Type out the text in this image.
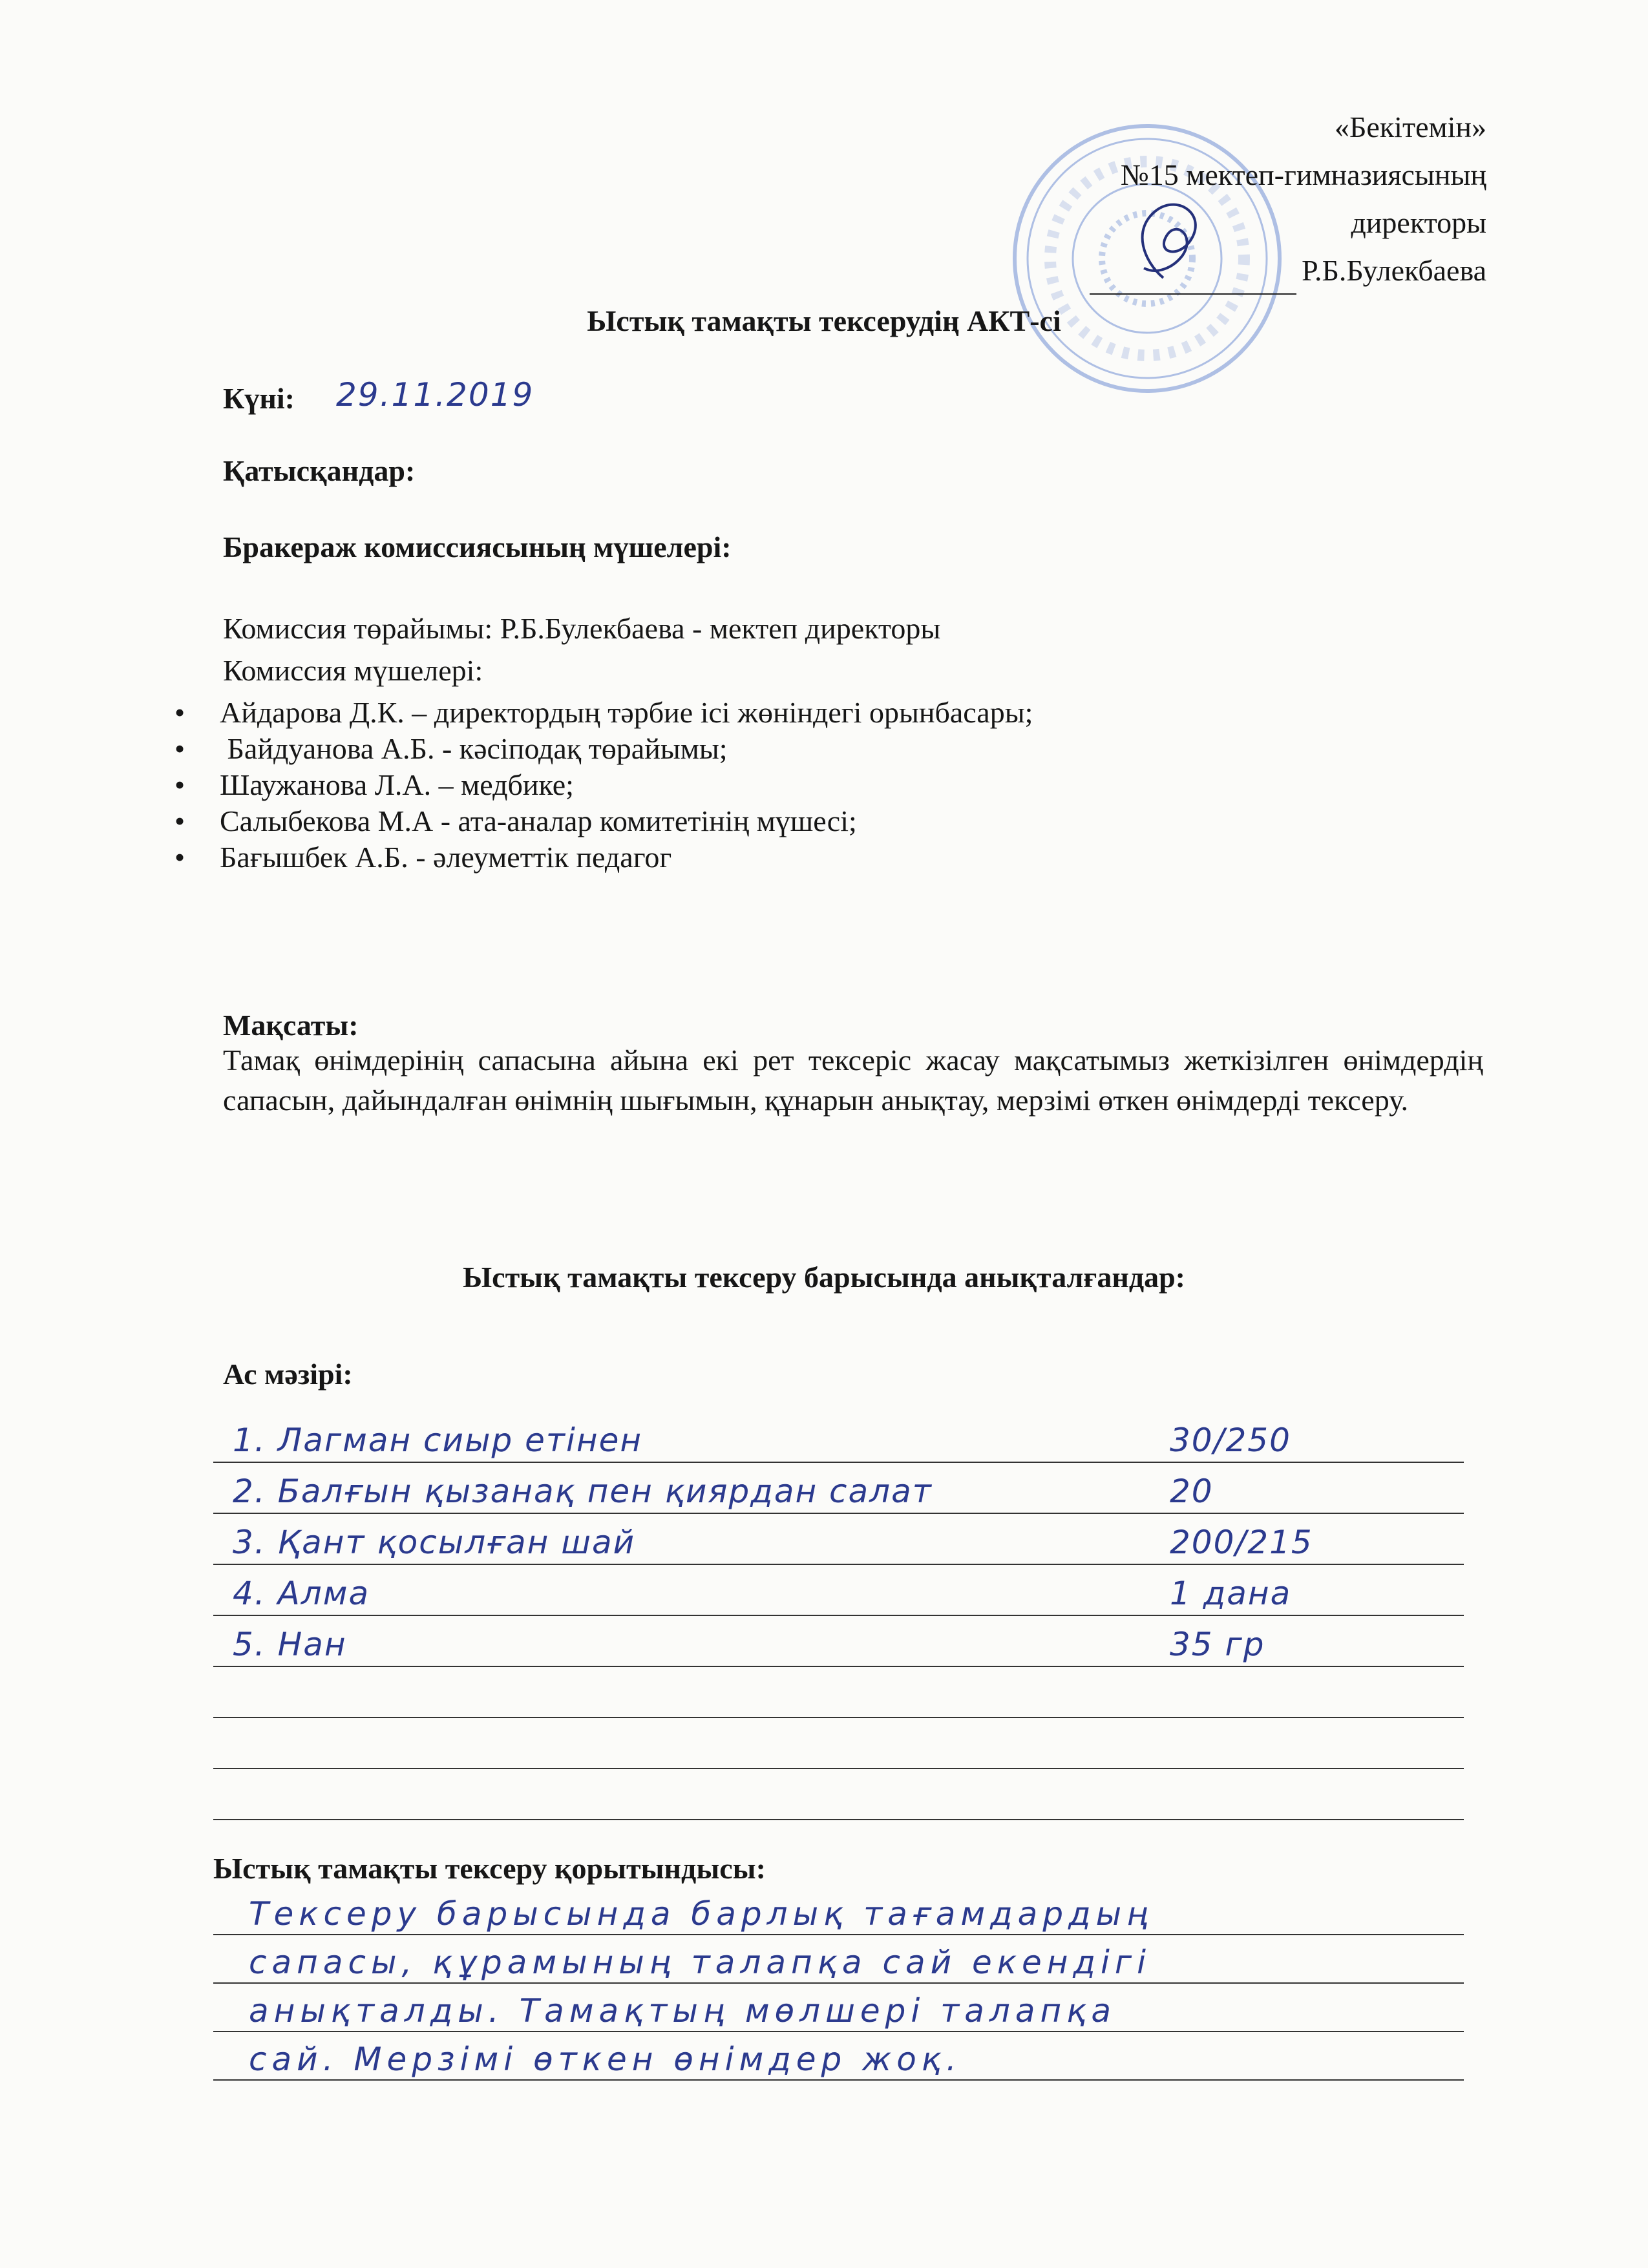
«Бекітемін»
№15 мектеп-гимназиясының
директоры
Р.Б.Булекбаева
Ыстық тамақты тексерудің АКТ-сі
Күні: 29.11.2019
Қатысқандар:
Бракераж комиссиясының мүшелері:
Комиссия төрайымы: Р.Б.Булекбаева - мектеп директоры
Комиссия мүшелері:
• Айдарова Д.К. – директордың тәрбие ісі жөніндегі орынбасары;
• Байдуанова А.Б. - кәсіподақ төрайымы;
• Шаужанова Л.А. – медбике;
• Салыбекова М.А - ата-аналар комитетінің мүшесі;
• Бағышбек А.Б. - әлеуметтік педагог
Мақсаты:
Тамақ өнімдерінің сапасына айына екі рет тексеріс жасау мақсатымыз жеткізілген өнімдердің сапасын, дайындалған өнімнің шығымын, құнарын анықтау, мерзімі өткен өнімдерді тексеру.
Ыстық тамақты тексеру барысында анықталғандар:
Ас мәзірі:
1. Лагман сиыр етінен	30/250
2. Балғын қызанақ пен қиярдан салат	20
3. Қант қосылған шай	200/215
4. Алма	1 дана
5. Нан	35 гр
Ыстық тамақты тексеру қорытындысы:
Тексеру барысында барлық тағамдардың
сапасы, құрамының талапқа сай екендігі
анықталды. Тамақтың мөлшері талапқа
сай. Мерзімі өткен өнімдер жоқ.
